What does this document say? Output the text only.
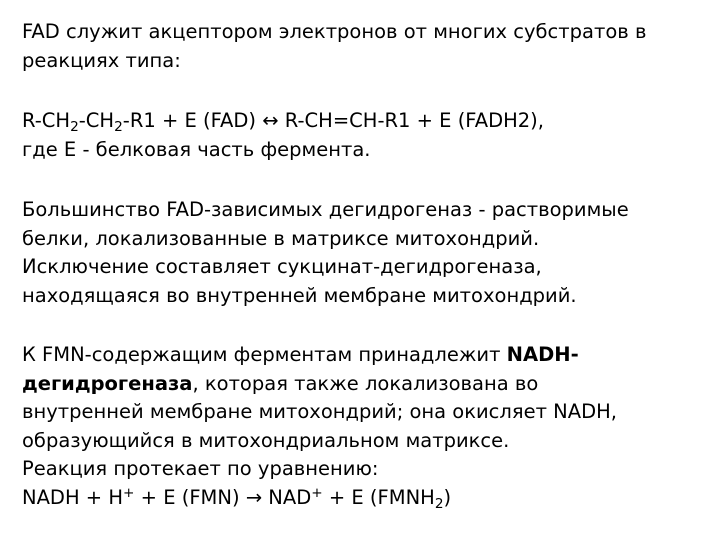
FAD служит акцептором электронов от многих субстратов в
реакциях типа:

$R-CH_2-CH_2-R1 + E$ (FAD) ↔ R-CH=CH-R1 + E (FADH2),
где E - белковая часть фермента.

Большинство FAD-зависимых дегидрогеназ - растворимые
белки, локализованные в матриксе митохондрий.
Исключение составляет сукцинат-дегидрогеназа,
находящаяся во внутренней мембране митохондрий.

К FMN-содержащим ферментам принадлежит NADH-
дегидрогеназа, которая также локализована во
внутренней мембране митохондрий; она окисляет NADH,
образующийся в митохондриальном матриксе.
Реакция протекает по уравнению:
NADH + H+ + E (FMN) → NAD+ + E $(FMNH_2)$
